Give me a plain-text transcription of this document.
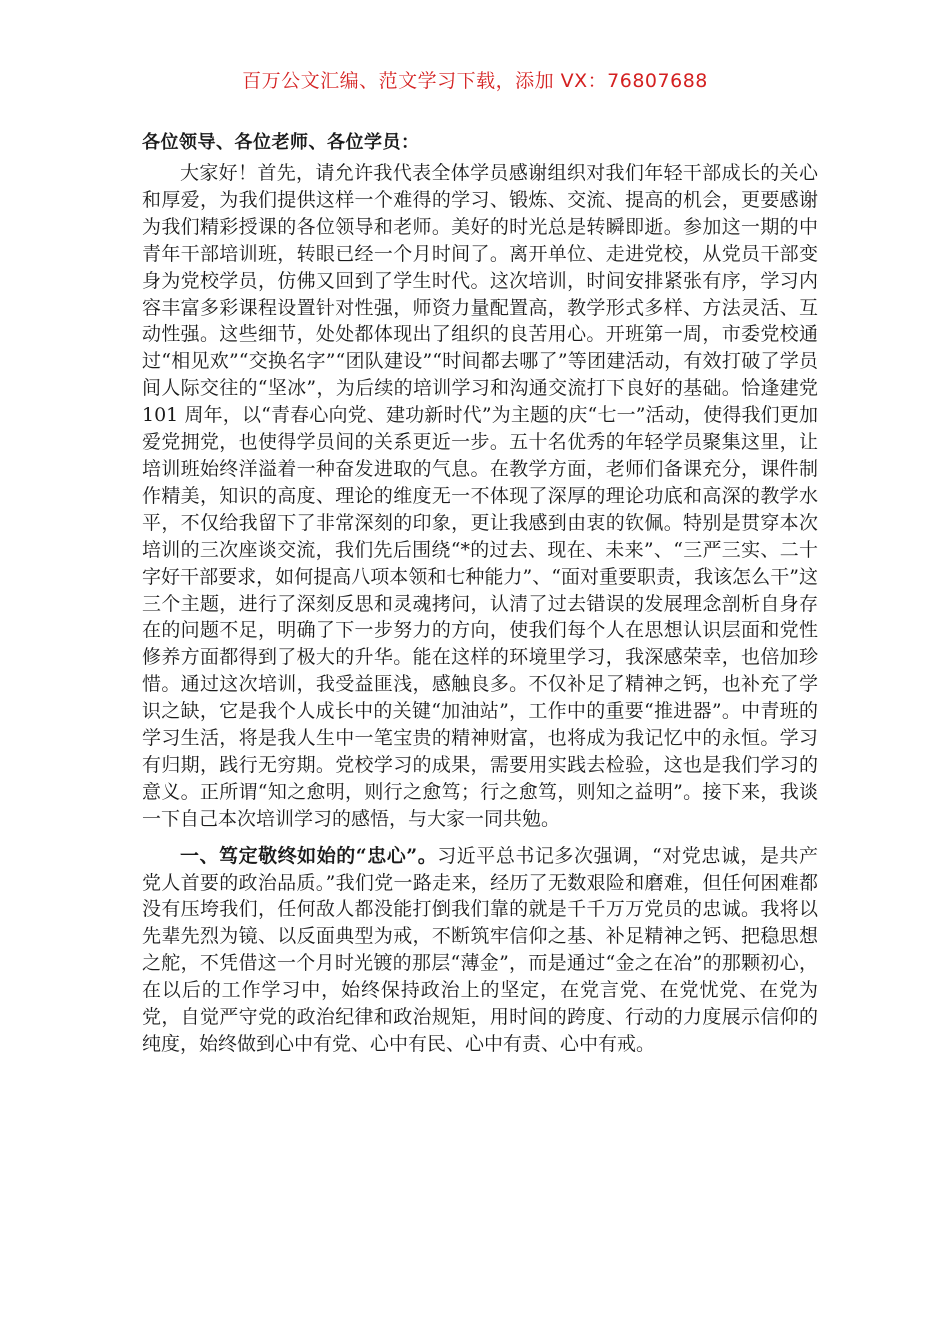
百万公文汇编、范文学习下载，添加 VX：76807688
各位领导、各位老师、各位学员：

大家好！首先，请允许我代表全体学员感谢组织对我们年轻干部成长的关心和厚爱，为我们提供这样一个难得的学习、锻炼、交流、提高的机会，更要感谢为我们精彩授课的各位领导和老师。美好的时光总是转瞬即逝。参加这一期的中青年干部培训班，转眼已经一个月时间了。离开单位、走进党校，从党员干部变身为党校学员，仿佛又回到了学生时代。这次培训，时间安排紧张有序，学习内容丰富多彩课程设置针对性强，师资力量配置高，教学形式多样、方法灵活、互动性强。这些细节，处处都体现出了组织的良苦用心。开班第一周，市委党校通过“相见欢”“交换名字”“团队建设”“时间都去哪了”等团建活动，有效打破了学员间人际交往的“坚冰”，为后续的培训学习和沟通交流打下良好的基础。恰逢建党 101 周年，以“青春心向党、建功新时代”为主题的庆“七一”活动，使得我们更加爱党拥党，也使得学员间的关系更近一步。五十名优秀的年轻学员聚集这里，让培训班始终洋溢着一种奋发进取的气息。在教学方面，老师们备课充分，课件制作精美，知识的高度、理论的维度无一不体现了深厚的理论功底和高深的教学水平，不仅给我留下了非常深刻的印象，更让我感到由衷的钦佩。特别是贯穿本次培训的三次座谈交流，我们先后围绕“*的过去、现在、未来”、“三严三实、二十字好干部要求，如何提高八项本领和七种能力”、“面对重要职责，我该怎么干”这三个主题，进行了深刻反思和灵魂拷问，认清了过去错误的发展理念剖析自身存在的问题不足，明确了下一步努力的方向，使我们每个人在思想认识层面和党性修养方面都得到了极大的升华。能在这样的环境里学习，我深感荣幸，也倍加珍惜。通过这次培训，我受益匪浅，感触良多。不仅补足了精神之钙，也补充了学识之缺，它是我个人成长中的关键“加油站”，工作中的重要“推进器”。中青班的学习生活，将是我人生中一笔宝贵的精神财富，也将成为我记忆中的永恒。学习有归期，践行无穷期。党校学习的成果，需要用实践去检验，这也是我们学习的意义。正所谓“知之愈明，则行之愈笃；行之愈笃，则知之益明”。接下来，我谈一下自己本次培训学习的感悟，与大家一同共勉。

一、笃定敬终如始的“忠心”。习近平总书记多次强调，“对党忠诚，是共产党人首要的政治品质。”我们党一路走来，经历了无数艰险和磨难，但任何困难都没有压垮我们，任何敌人都没能打倒我们靠的就是千千万万党员的忠诚。我将以先辈先烈为镜、以反面典型为戒，不断筑牢信仰之基、补足精神之钙、把稳思想之舵，不凭借这一个月时光镀的那层“薄金”，而是通过“金之在冶”的那颗初心，在以后的工作学习中，始终保持政治上的坚定，在党言党、在党忧党、在党为党，自觉严守党的政治纪律和政治规矩，用时间的跨度、行动的力度展示信仰的纯度，始终做到心中有党、心中有民、心中有责、心中有戒。
